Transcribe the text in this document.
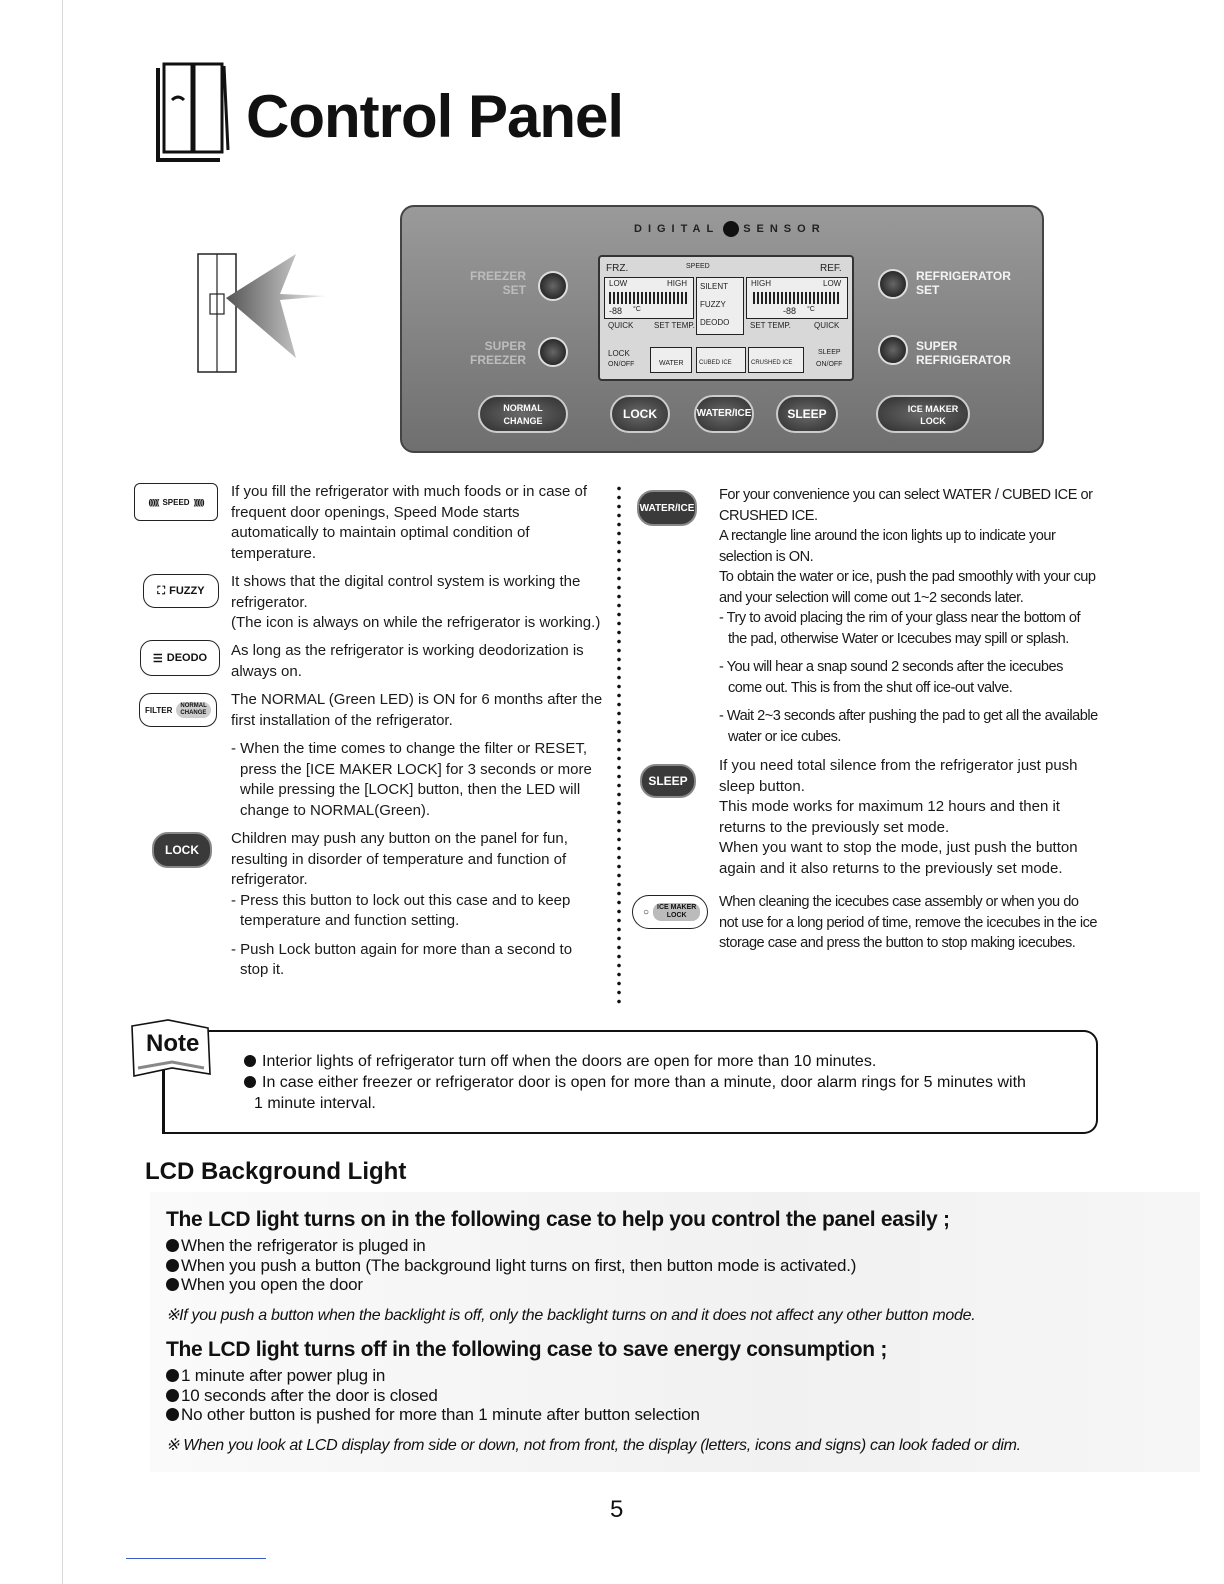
Control Panel
DIGITAL SENSOR
FREEZER SET
SUPER FREEZER
REFRIGERATOR SET
SUPER REFRIGERATOR
FRZ.	SPEED	REF.
LOW	HIGH
-88 °C
SILENT
FUZZY
DEODO
HIGH	LOW
-88 °C
QUICK	SET TEMP.	SET TEMP.	QUICK
LOCK
ON/OFF	WATER	CUBED ICE	CRUSHED ICE
SLEEP
ON/OFF
NORMAL
CHANGE	LOCK	WATER/ICE	SLEEP	ICE MAKER
LOCK
(((((( SPEED ))))))
If you fill the refrigerator with much foods or in case of frequent door openings, Speed Mode starts automatically to maintain optimal condition of temperature.
⛶ FUZZY

It shows that the digital control system is working the refrigerator.

(The icon is always on while the refrigerator is working.)

☰ DEODO As long as the refrigerator is working deodorization is always on.
FILTER	NORMAL
CHANGE

The NORMAL (Green LED) is ON for 6 months after the first installation of the refrigerator.

- When the time comes to change the filter or RESET, press the [ICE MAKER LOCK] for 3 seconds or more while pressing the [LOCK] button, then the LED will change to NORMAL(Green).

LOCK

Children may push any button on the panel for fun, resulting in disorder of temperature and function of refrigerator.

- Press this button to lock out this case and to keep temperature and function setting.

- Push Lock button again for more than a second to stop it.

WATER/ICE

For your convenience you can select WATER / CUBED ICE or CRUSHED ICE.

A rectangle line around the icon lights up to indicate your selection is ON.

To obtain the water or ice, push the pad smoothly with your cup and your selection will come out 1~2 seconds later.

- Try to avoid placing the rim of your glass near the bottom of the pad, otherwise Water or Icecubes may spill or splash.

- You will hear a snap sound 2 seconds after the icecubes come out. This is from the shut off ice-out valve.

- Wait 2~3 seconds after pushing the pad to get all the available water or ice cubes.

SLEEP

If you need total silence from the refrigerator just push sleep button.

This mode works for maximum 12 hours and then it returns to the previously set mode.

When you want to stop the mode, just push the button again and it also returns to the previously set mode.

○	ICE MAKER
LOCK
When cleaning the icecubes case assembly or when you do not use for a long period of time, remove the icecubes in the ice storage case and press the button to stop making icecubes.
Note
Interior lights of refrigerator turn off when the doors are open for more than 10 minutes.
In case either freezer or refrigerator door is open for more than a minute, door alarm rings for 5 minutes with
1 minute interval.
LCD Background Light
The LCD light turns on in the following case to help you control the panel easily ;
When the refrigerator is pluged in
When you push a button (The background light turns on first, then button mode is activated.)
When you open the door
※If you push a button when the backlight is off, only the backlight turns on and it does not affect any other button mode.
The LCD light turns off in the following case to save energy consumption ;
1 minute after power plug in
10 seconds after the door is closed
No other button is pushed for more than 1 minute after button selection
※ When you look at LCD display from side or down, not from front, the display (letters, icons and signs) can look faded or dim.
5
